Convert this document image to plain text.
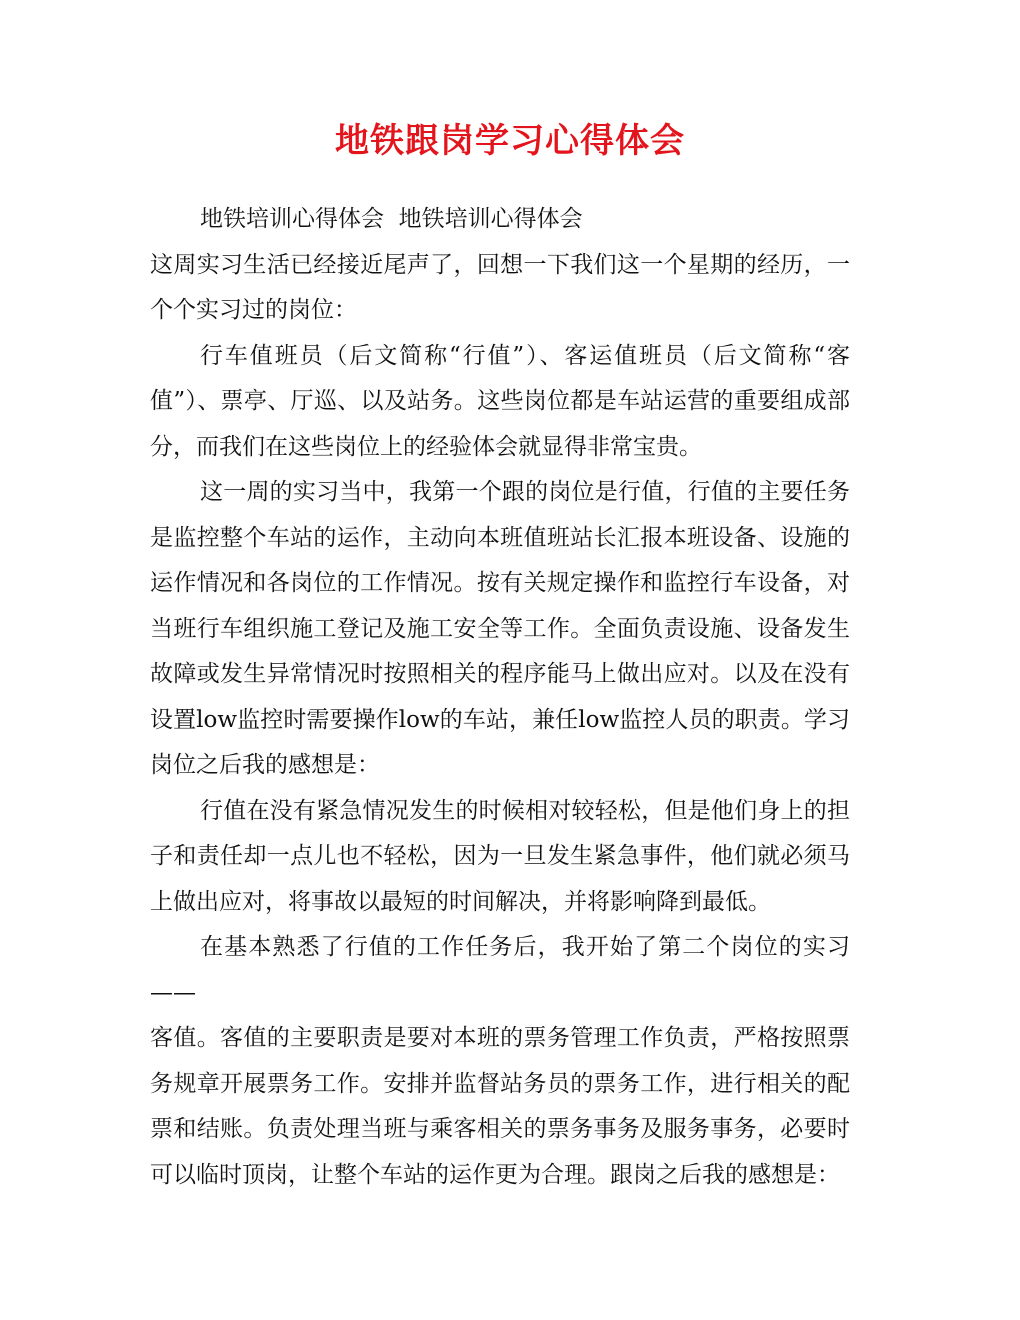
地铁跟岗学习心得体会
地铁培训心得体会  地铁培训心得体会

这周实习生活已经接近尾声了，回想一下我们这一个星期的经历，一个个实习过的岗位：

行车值班员（后文简称“行值”）、客运值班员（后文简称“客值”）、票亭、厅巡、以及站务。这些岗位都是车站运营的重要组成部分，而我们在这些岗位上的经验体会就显得非常宝贵。

这一周的实习当中，我第一个跟的岗位是行值，行值的主要任务是监控整个车站的运作，主动向本班值班站长汇报本班设备、设施的运作情况和各岗位的工作情况。按有关规定操作和监控行车设备，对当班行车组织施工登记及施工安全等工作。全面负责设施、设备发生故障或发生异常情况时按照相关的程序能马上做出应对。以及在没有设置low监控时需要操作low的车站，兼任low监控人员的职责。学习岗位之后我的感想是：

行值在没有紧急情况发生的时候相对较轻松，但是他们身上的担子和责任却一点儿也不轻松，因为一旦发生紧急事件，他们就必须马上做出应对，将事故以最短的时间解决，并将影响降到最低。

在基本熟悉了行值的工作任务后，我开始了第二个岗位的实习 ——

客值。客值的主要职责是要对本班的票务管理工作负责，严格按照票务规章开展票务工作。安排并监督站务员的票务工作，进行相关的配票和结账。负责处理当班与乘客相关的票务事务及服务事务，必要时可以临时顶岗，让整个车站的运作更为合理。跟岗之后我的感想是：
